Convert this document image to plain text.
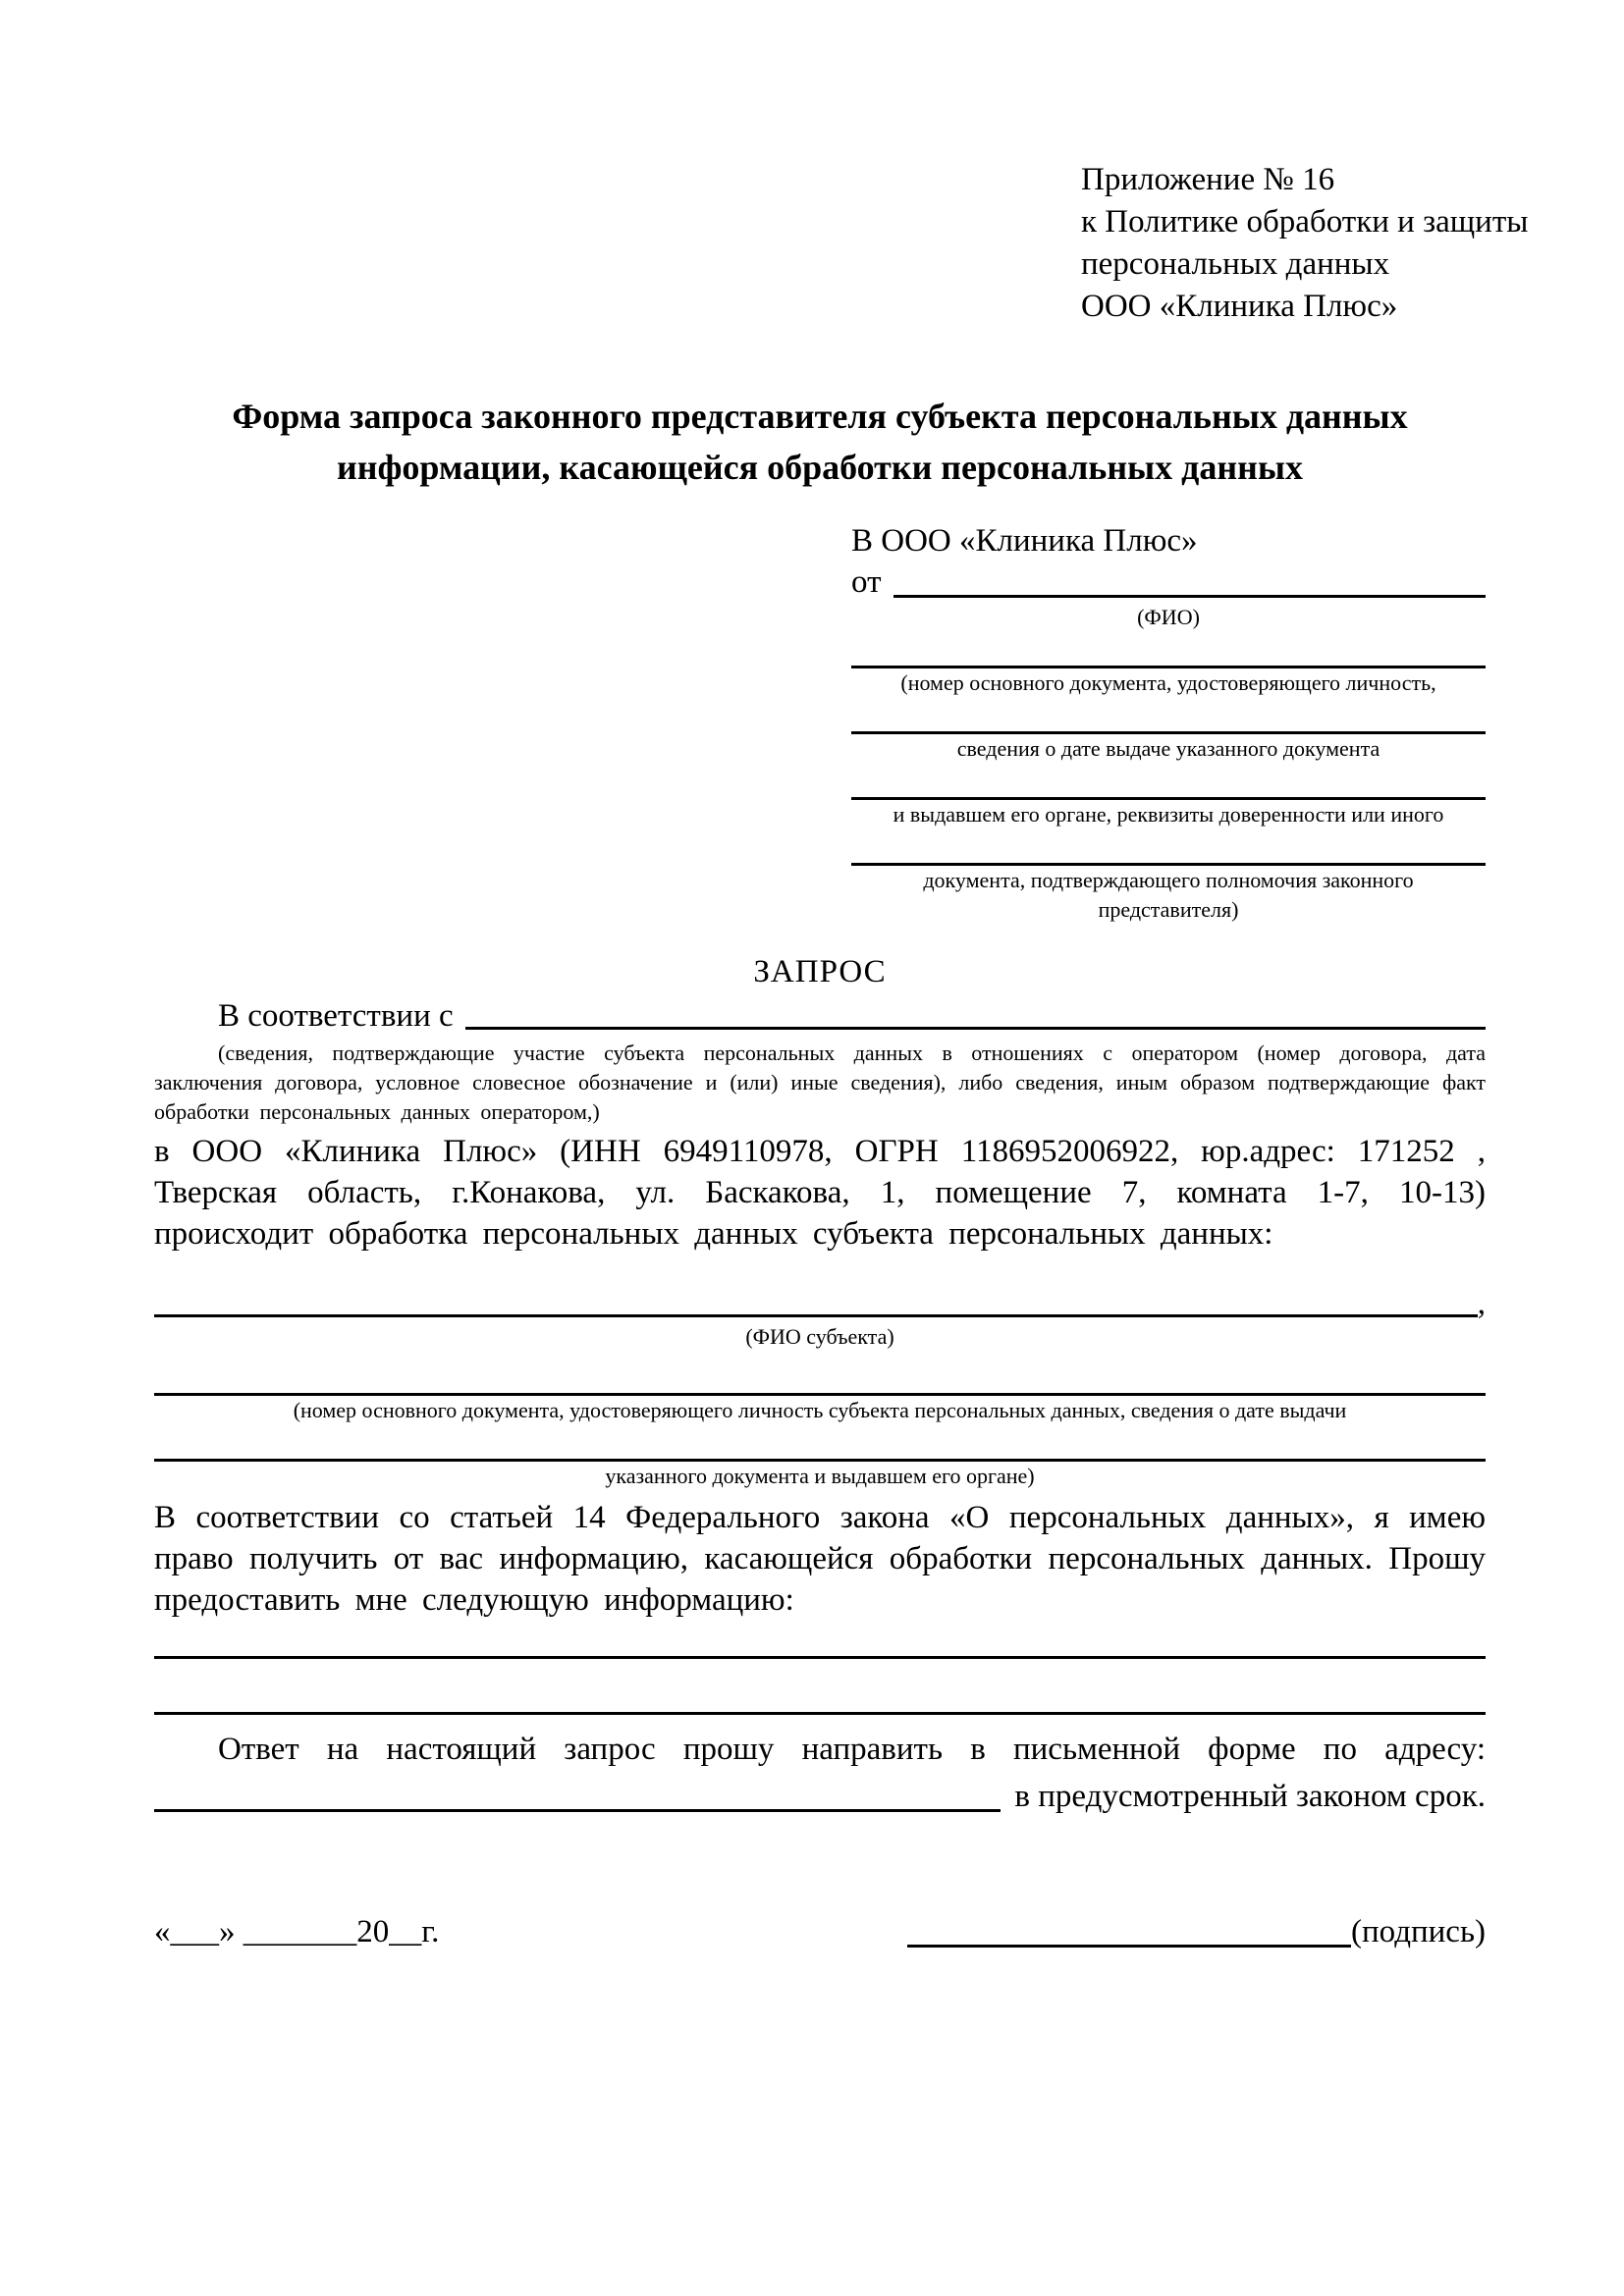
Приложение № 16
к Политике обработки и защиты
персональных данных
ООО «Клиника Плюс»
Форма запроса законного представителя субъекта персональных данных
информации, касающейся обработки персональных данных
В ООО «Клиника Плюс»
от
(ФИО)
(номер основного документа, удостоверяющего личность,
сведения о дате выдаче указанного документа
и выдавшем его органе, реквизиты доверенности или иного
документа, подтверждающего полномочия законного представителя)
ЗАПРОС
В соответствии с
(сведения, подтверждающие участие субъекта персональных данных в отношениях с оператором (номер договора, дата заключения договора, условное словесное обозначение и (или) иные сведения), либо сведения, иным образом подтверждающие факт обработки персональных данных оператором,)

в ООО «Клиника Плюс» (ИНН 6949110978, ОГРН 1186952006922, юр.адрес: 171252 , Тверская область, г.Конакова, ул. Баскакова, 1, помещение 7, комната 1-7, 10-13) происходит обработка персональных данных субъекта персональных данных:

,
(ФИО субъекта)
(номер основного документа, удостоверяющего личность субъекта персональных данных, сведения о дате выдачи
указанного документа и выдавшем его органе)

В соответствии со статьей 14 Федерального закона «О персональных данных», я имею право получить от вас информацию, касающейся обработки персональных данных. Прошу предоставить мне следующую информацию:

Ответ на настоящий запрос прошу направить в письменной форме по адресу:

в предусмотренный законом срок.
«___» _______20__г.	(подпись)
